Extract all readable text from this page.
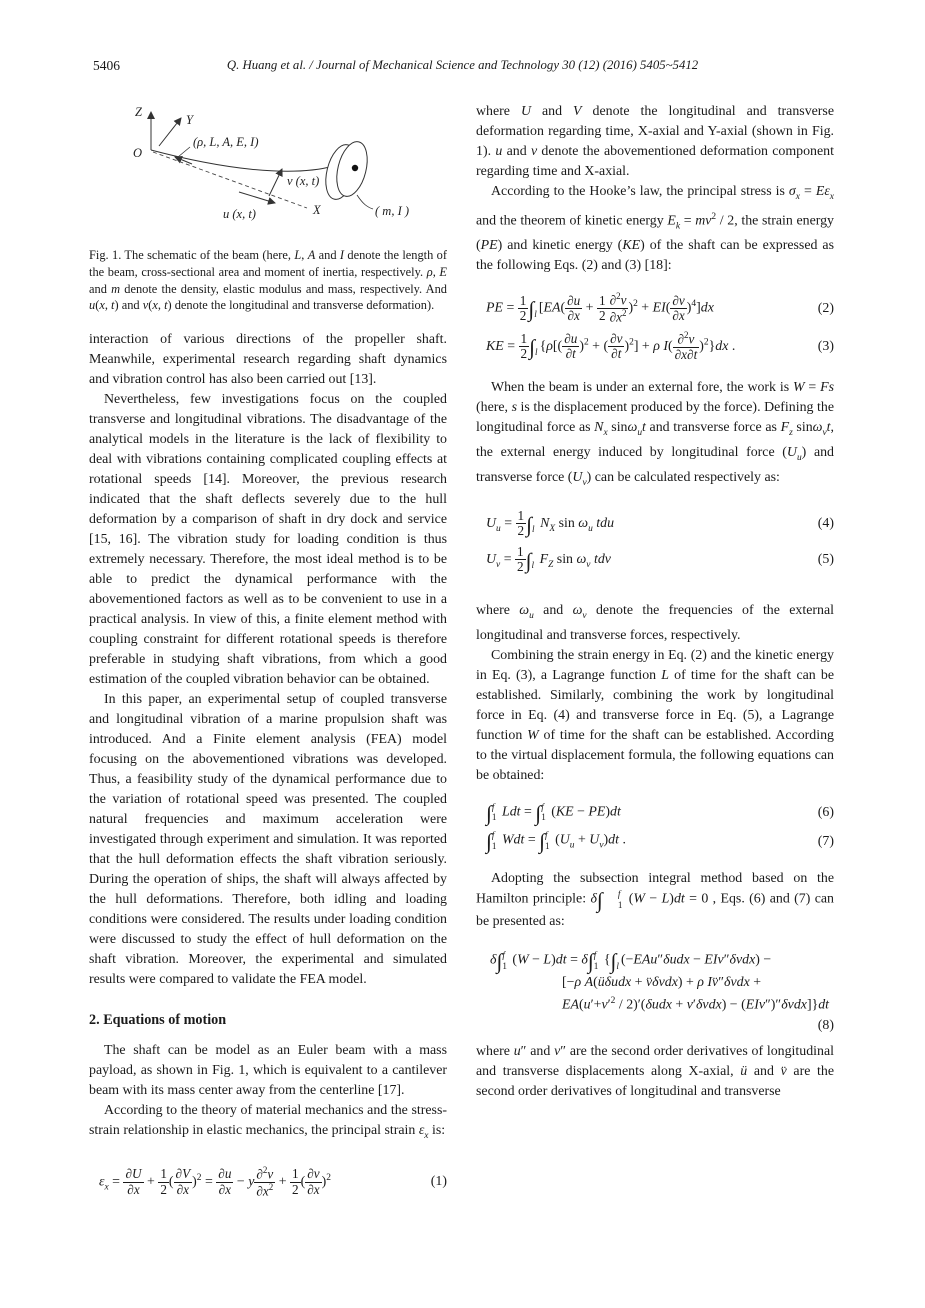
5406	Q. Huang et al. / Journal of Mechanical Science and Technology 30 (12) (2016) 5405~5412
Z
Y
O
(ρ, L, A, E, I)
X
v (x, t)
u (x, t)	( m, I )

Fig. 1. The schematic of the beam (here, L, A and I denote the length of the beam, cross-sectional area and moment of inertia, respectively. ρ, E and m denote the density, elastic modulus and mass, respectively. And u(x, t) and v(x, t) denote the longitudinal and transverse deformation).

interaction of various directions of the propeller shaft. Meanwhile, experimental research regarding shaft dynamics and vibration control has also been carried out [13].

Nevertheless, few investigations focus on the coupled transverse and longitudinal vibrations. The disadvantage of the analytical models in the literature is the lack of flexibility to deal with vibrations containing complicated coupling effects at rotational speeds [14]. Moreover, the previous research indicated that the shaft deflects severely due to the hull deformation by a comparison of shaft in dry dock and service [15, 16]. The vibration study for loading condition is thus extremely necessary. Therefore, the most ideal method is to be able to predict the dynamical performance with the abovementioned factors as well as to be convenient to use in a practical analysis. In view of this, a finite element method with coupling constraint for different rotational speeds is therefore preferable in studying shaft vibrations, from which a good estimation of the coupled vibration behavior can be obtained.

In this paper, an experimental setup of coupled transverse and longitudinal vibration of a marine propulsion shaft was introduced. And a Finite element analysis (FEA) model focusing on the abovementioned vibrations was developed. Thus, a feasibility study of the dynamical performance due to the variation of rotational speed was presented. The coupled natural frequencies and maximum acceleration were investigated through experiment and simulation. It was reported that the hull deformation effects the shaft vibration seriously. During the operation of ships, the shaft will always affected by the hull deformations. Therefore, both idling and loading conditions were considered. The results under loading condition were discussed to study the effect of hull deformation on the shaft vibration. Moreover, the experimental and simulated results were compared to validate the FEA model.

2. Equations of motion

The shaft can be model as an Euler beam with a mass payload, as shown in Fig. 1, which is equivalent to a cantilever beam with its mass center away from the centerline [17].

According to the theory of material mechanics and the stress-strain relationship in elastic mechanics, the principal strain $\varepsilon_x$ is:

$\varepsilon_x = \frac{\partial U}{\partial x} + \frac{1}{2}$ ( $\frac{\partial V}{\partial x} )^2 = \frac{\partial u}{\partial x} - y \frac{\partial^2v}{\partial x^2} + \frac{1}{2}$ ( $\frac{\partial v}{\partial x} )^2$	(1)

where U and V denote the longitudinal and transverse deformation regarding time, X-axial and Y-axial (shown in Fig. 1). u and v denote the abovementioned deformation component regarding time and X-axial.

According to the Hooke’s law, the principal stress is $\sigma_x = E\varepsilon_x$ and the theorem of kinetic energy $E_k = mv^2 / 2$, the strain energy (PE) and kinetic energy (KE) of the shaft can be expressed as the following Eqs. (2) and (3) [18]:

PE = $\frac{1}{2}$ ∫
l $[EA( \frac{\partial u}{\partial x} + \frac{1}{2} \frac{\partial^2v}{\partial x^2} )^2 + EI( \frac{\partial v}{\partial x} )^4]dx$	(2)
KE = $\frac{1}{2}$ ∫
l {$\rho[( \frac{\partial u}{\partial t} )^2$ + ( $\frac{\partial v}{\partial t} )^2] + \rho$ $I( \frac{\partial^2v}{\partial x\partial t} )^2\}dx$ .	(3)

When the beam is under an external fore, the work is W = Fs (here, s is the displacement produced by the force). Defining the longitudinal force as $N_x$ sinω$_u$t and transverse force as $F_z$ sinω$_v$t, the external energy induced by longitudinal force $(U_u)$ and transverse force $(U_v)$ can be calculated respectively as:

$U_u = \frac{1}{2}$ ∫
l $N_X$ $\sin \omega_u$ tdu	(4)
$U_v = \frac{1}{2}$ ∫
l $F_Z$ $\sin \omega_v$ tdv	(5)

where $\omega_u$ and $\omega_v$ denote the frequencies of the external longitudinal and transverse forces, respectively.

Combining the strain energy in Eq. (2) and the kinetic energy in Eq. (3), a Lagrange function L of time for the shaft can be established. Similarly, combining the work by longitudinal force in Eq. (4) and transverse force in Eq. (5), a Lagrange function W of time for the shaft can be established. According to the virtual displacement formula, the following equations can be obtained:

∫ f
1 Ldt = ∫ f
1 (KE − PE)dt	(6)
∫ f
1 Wdt = ∫ f
1 $(U_u + U_v)dt$ .	(7)

Adopting the subsection integral method based on the Hamilton principle: δ∫	f
1 (W − L)dt = 0 , Eqs. (6) and (7) can be presented as:

δ∫ f
1 (W − L)dt = δ∫ f
1 {∫
l (−EAu″δudx − EIv″δvdx) −
[−ρ A(üδudx + v̈δvdx) + ρ Iv̈″δvdx +
$EA(u'+v'^2 / 2)'(\delta udx + v'\delta vdx) - (EIv'')''\delta vdx]\}dt$
(8)

where u″ and v″ are the second order derivatives of longitudinal and transverse displacements along X-axial, ü and v̈ are the second order derivatives of longitudinal and transverse
